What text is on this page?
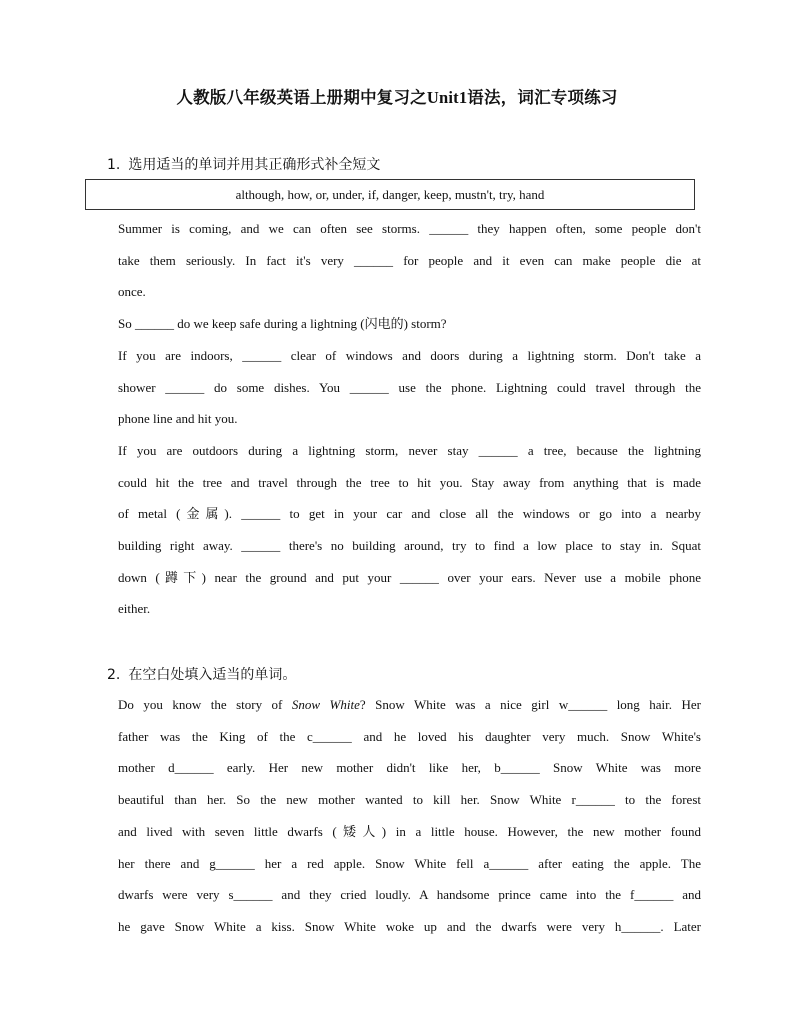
人教版八年级英语上册期中复习之Unit1语法，词汇专项练习
1. 选用适当的单词并用其正确形式补全短文
although, how, or, under, if, danger, keep, mustn't, try, hand
Summer is coming, and we can often see storms. ______ they happen often, some people don't
take them seriously. In fact it's very ______ for people and it even can make people die at
once.
So ______ do we keep safe during a lightning (闪电的) storm?
If you are indoors, ______ clear of windows and doors during a lightning storm. Don't take a
shower ______ do some dishes. You ______ use the phone. Lightning could travel through the
phone line and hit you.
If you are outdoors during a lightning storm, never stay ______ a tree, because the lightning
could hit the tree and travel through the tree to hit you. Stay away from anything that is made
of metal (金属). ______ to get in your car and close all the windows or go into a nearby
building right away. ______ there's no building around, try to find a low place to stay in. Squat
down (蹲下) near the ground and put your ______ over your ears. Never use a mobile phone
either.
2. 在空白处填入适当的单词。
Do you know the story of Snow White? Snow White was a nice girl w______ long hair. Her
father was the King of the c______ and he loved his daughter very much. Snow White's
mother d______ early. Her new mother didn't like her, b______ Snow White was more
beautiful than her. So the new mother wanted to kill her. Snow White r______ to the forest
and lived with seven little dwarfs (矮人) in a little house. However, the new mother found
her there and g______ her a red apple. Snow White fell a______ after eating the apple. The
dwarfs were very s______ and they cried loudly. A handsome prince came into the f______ and
he gave Snow White a kiss. Snow White woke up and the dwarfs were very h______. Later
